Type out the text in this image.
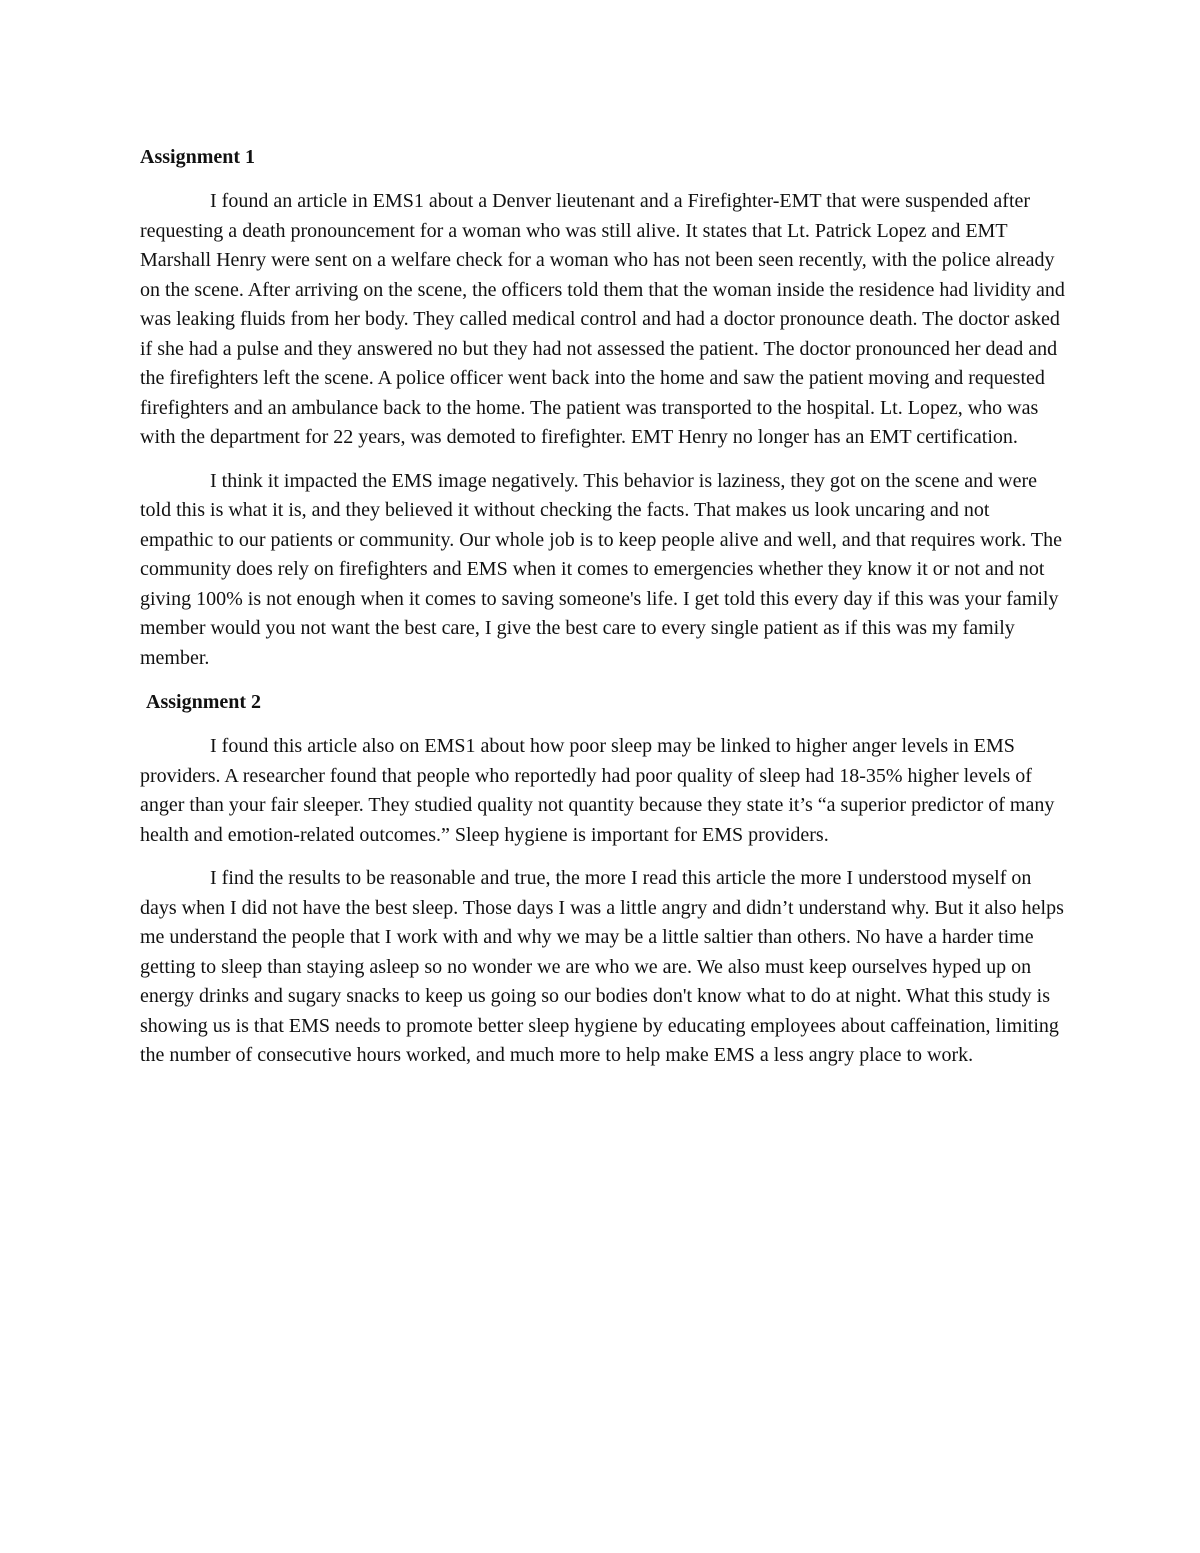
Assignment 1

I found an article in EMS1 about a Denver lieutenant and a Firefighter-EMT that were suspended after requesting a death pronouncement for a woman who was still alive. It states that Lt. Patrick Lopez and EMT Marshall Henry were sent on a welfare check for a woman who has not been seen recently, with the police already on the scene. After arriving on the scene, the officers told them that the woman inside the residence had lividity and was leaking fluids from her body. They called medical control and had a doctor pronounce death. The doctor asked if she had a pulse and they answered no but they had not assessed the patient. The doctor pronounced her dead and the firefighters left the scene. A police officer went back into the home and saw the patient moving and requested firefighters and an ambulance back to the home. The patient was transported to the hospital. Lt. Lopez, who was with the department for 22 years, was demoted to firefighter. EMT Henry no longer has an EMT certification.

I think it impacted the EMS image negatively. This behavior is laziness, they got on the scene and were told this is what it is, and they believed it without checking the facts. That makes us look uncaring and not empathic to our patients or community. Our whole job is to keep people alive and well, and that requires work. The community does rely on firefighters and EMS when it comes to emergencies whether they know it or not and not giving 100% is not enough when it comes to saving someone's life. I get told this every day if this was your family member would you not want the best care, I give the best care to every single patient as if this was my family member.

Assignment 2

I found this article also on EMS1 about how poor sleep may be linked to higher anger levels in EMS providers. A researcher found that people who reportedly had poor quality of sleep had 18-35% higher levels of anger than your fair sleeper. They studied quality not quantity because they state it’s “a superior predictor of many health and emotion-related outcomes.” Sleep hygiene is important for EMS providers.

I find the results to be reasonable and true, the more I read this article the more I understood myself on days when I did not have the best sleep. Those days I was a little angry and didn’t understand why. But it also helps me understand the people that I work with and why we may be a little saltier than others. No have a harder time getting to sleep than staying asleep so no wonder we are who we are. We also must keep ourselves hyped up on energy drinks and sugary snacks to keep us going so our bodies don't know what to do at night. What this study is showing us is that EMS needs to promote better sleep hygiene by educating employees about caffeination, limiting the number of consecutive hours worked, and much more to help make EMS a less angry place to work.
